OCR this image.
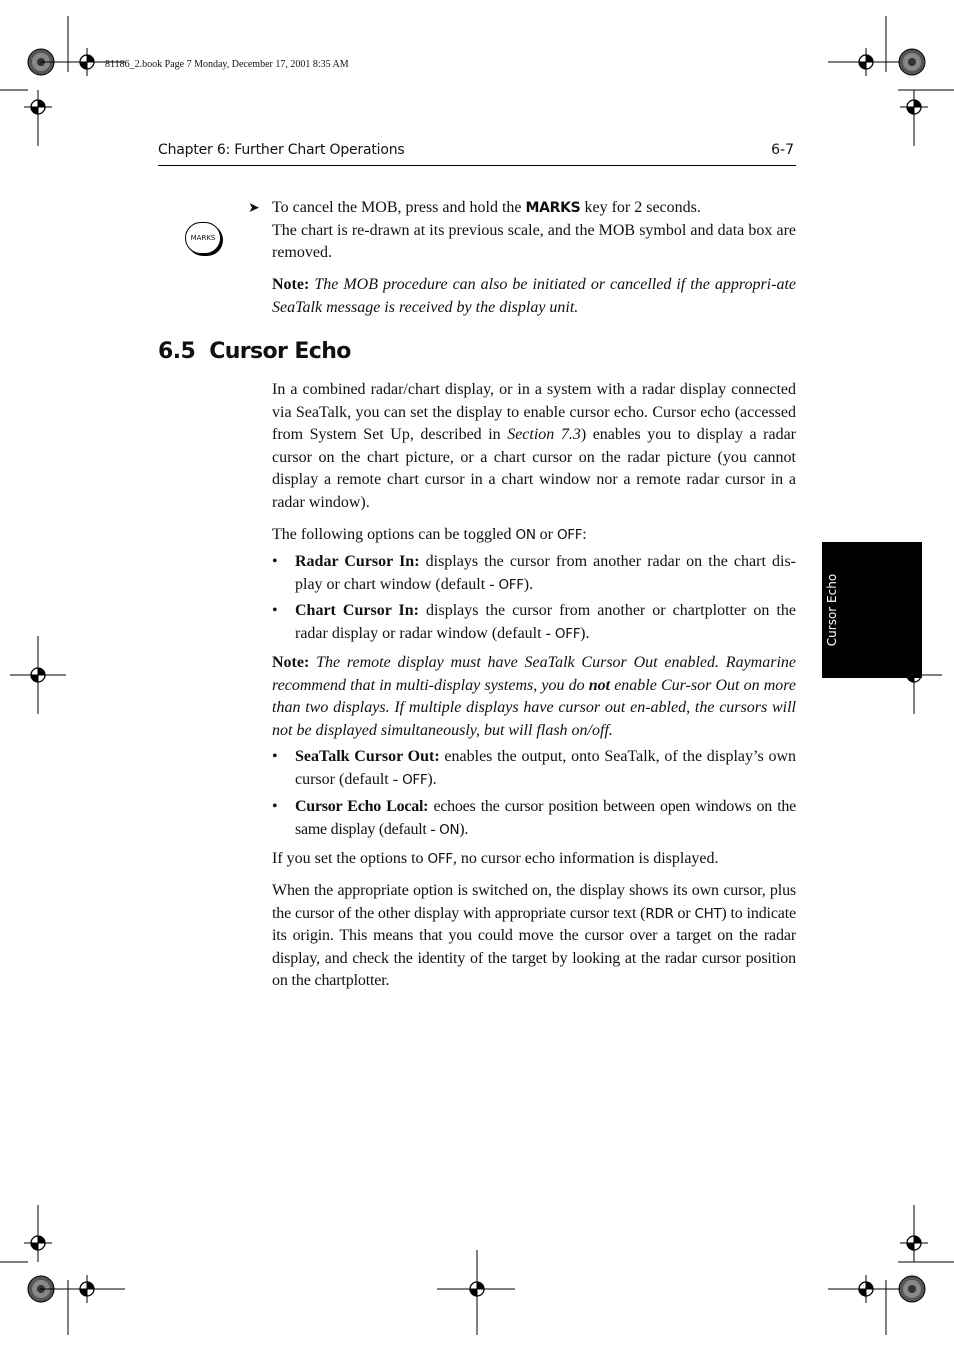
81186_2.book Page 7 Monday, December 17, 2001 8:35 AM
Chapter 6: Further Chart Operations	6-7
Cursor Echo
MARKS
➤ To cancel the MOB, press and hold the MARKS key for 2 seconds.
The chart is re-drawn at its previous scale, and the MOB symbol and data box are removed.

Note: The MOB procedure can also be initiated or cancelled if the appropri-ate SeaTalk message is received by the display unit.

6.5 Cursor Echo

In a combined radar/chart display, or in a system with a radar display connected via SeaTalk, you can set the display to enable cursor echo. Cursor echo (accessed from System Set Up, described in Section 7.3) enables you to display a radar cursor on the chart picture, or a chart cursor on the radar picture (you cannot display a remote chart cursor in a chart window nor a remote radar cursor in a radar window).

The following options can be toggled ON or OFF:

• Radar Cursor In: displays the cursor from another radar on the chart dis-play or chart window (default - OFF).

• Chart Cursor In: displays the cursor from another or chartplotter on the radar display or radar window (default - OFF).

Note: The remote display must have SeaTalk Cursor Out enabled. Raymarine recommend that in multi-display systems, you do not enable Cur-sor Out on more than two displays. If multiple displays have cursor out en-abled, the cursors will not be displayed simultaneously, but will flash on/off.

• SeaTalk Cursor Out: enables the output, onto SeaTalk, of the display’s own cursor (default - OFF).

• Cursor Echo Local: echoes the cursor position between open windows on the same display (default - ON).

If you set the options to OFF, no cursor echo information is displayed.

When the appropriate option is switched on, the display shows its own cursor, plus the cursor of the other display with appropriate cursor text (RDR or CHT) to indicate its origin. This means that you could move the cursor over a target on the radar display, and check the identity of the target by looking at the radar cursor position on the chartplotter.
